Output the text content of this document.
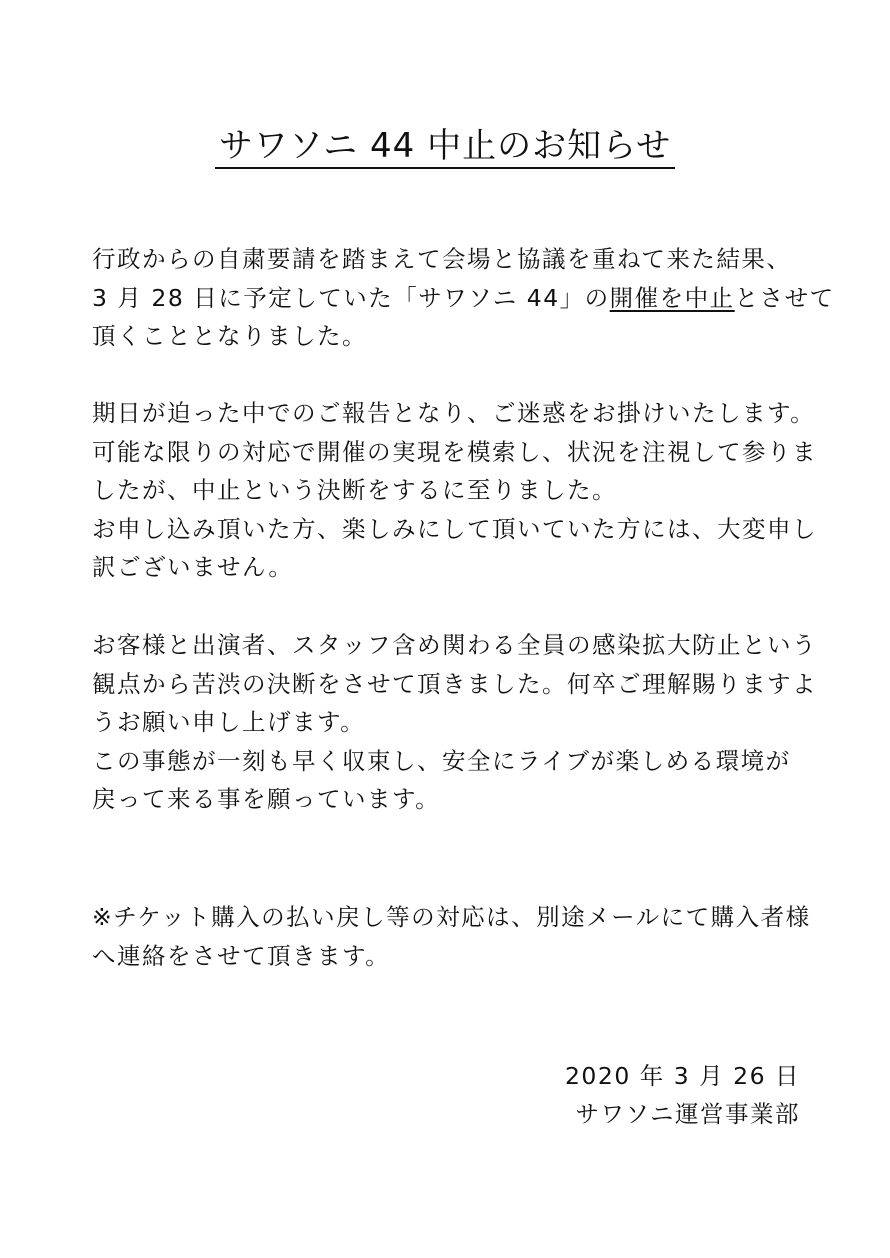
サワソニ 44 中止のお知らせ
行政からの自粛要請を踏まえて会場と協議を重ねて来た結果、
3 月 28 日に予定していた「サワソニ 44」の開催を中止とさせて
頂くこととなりました。
期日が迫った中でのご報告となり、ご迷惑をお掛けいたします。
可能な限りの対応で開催の実現を模索し、状況を注視して参りま
したが、中止という決断をするに至りました。
お申し込み頂いた方、楽しみにして頂いていた方には、大変申し
訳ございません。
お客様と出演者、スタッフ含め関わる全員の感染拡大防止という
観点から苦渋の決断をさせて頂きました。何卒ご理解賜りますよ
うお願い申し上げます。
この事態が一刻も早く収束し、安全にライブが楽しめる環境が
戻って来る事を願っています。
※チケット購入の払い戻し等の対応は、別途メールにて購入者様
へ連絡をさせて頂きます。
2020 年 3 月 26 日
サワソニ運営事業部
